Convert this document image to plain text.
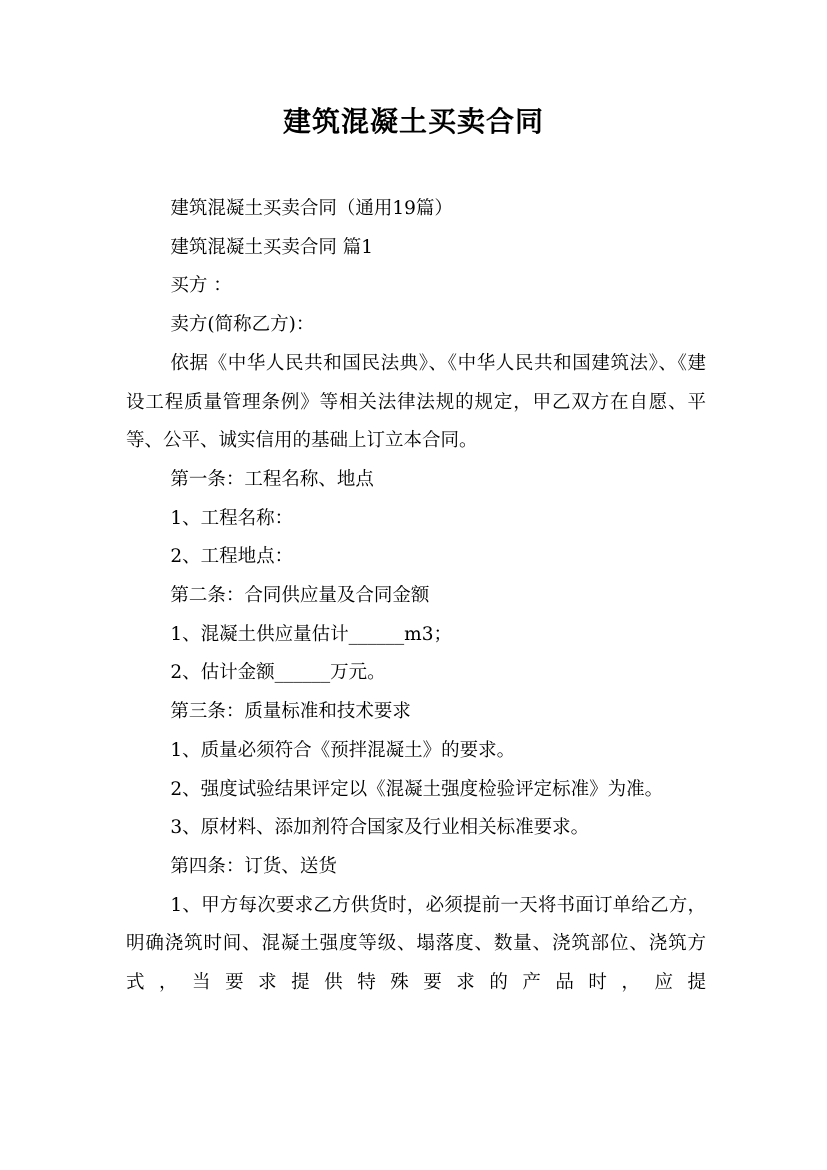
建筑混凝土买卖合同

建筑混凝土买卖合同（通用19篇）

建筑混凝土买卖合同 篇1

买方 ：

卖方(简称乙方)：

依据《中华人民共和国民法典》、《中华人民共和国建筑法》、《建设工程质量管理条例》等相关法律法规的规定，甲乙双方在自愿、平等、公平、诚实信用的基础上订立本合同。

第一条：工程名称、地点

1、工程名称：

2、工程地点：

第二条：合同供应量及合同金额

1、混凝土供应量估计______m3；

2、估计金额______万元。

第三条：质量标准和技术要求

1、质量必须符合《预拌混凝土》的要求。

2、强度试验结果评定以《混凝土强度检验评定标准》为准。

3、原材料、添加剂符合国家及行业相关标准要求。

第四条：订货、送货

1、甲方每次要求乙方供货时，必须提前一天将书面订单给乙方，明确浇筑时间、混凝土强度等级、塌落度、数量、浇筑部位、浇筑方式，当要求提供特殊要求的产品时，应提
